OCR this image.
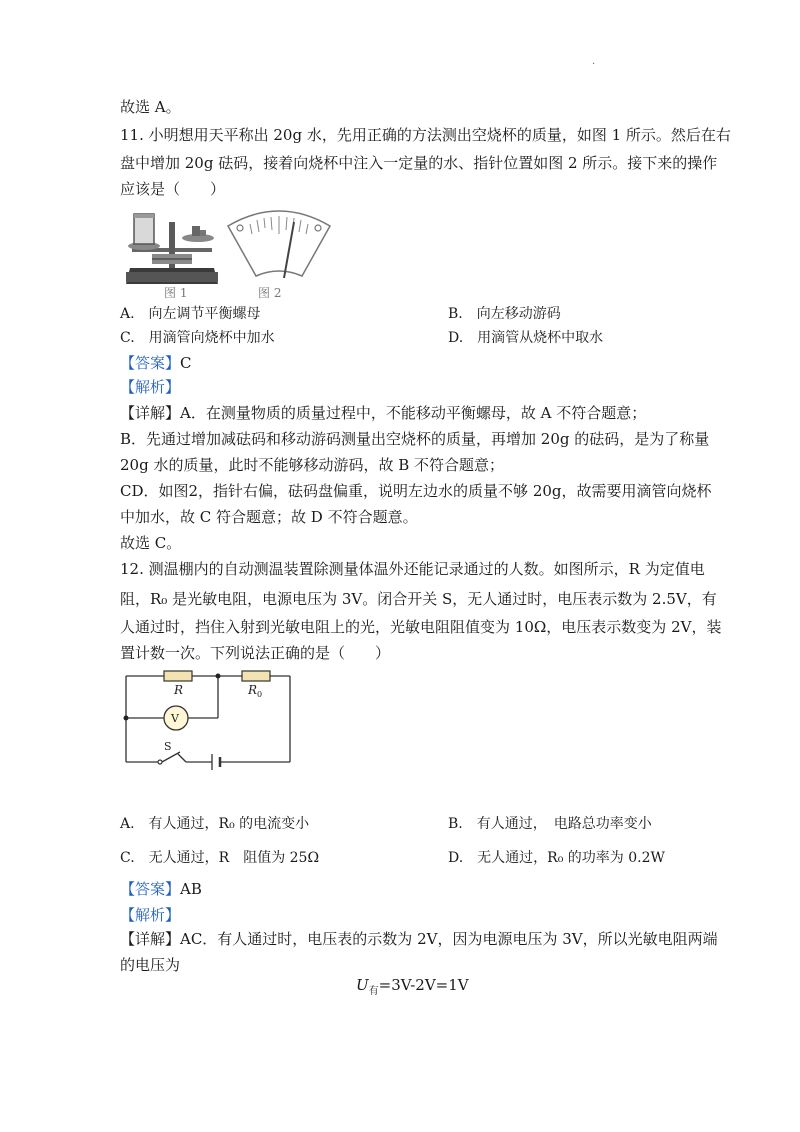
.
故选 A。
11. 小明想用天平称出 20g 水，先用正确的方法测出空烧杯的质量，如图 1 所示。然后在右
盘中增加 20g 砝码，接着向烧杯中注入一定量的水、指针位置如图 2 所示。接下来的操作
应该是（　　）
图 1	图 2
A.　向左调节平衡螺母	B.　向左移动游码
C.　用滴管向烧杯中加水	D.　用滴管从烧杯中取水
【答案】C
【解析】
【详解】A．在测量物质的质量过程中，不能移动平衡螺母，故 A 不符合题意；
B．先通过增加减砝码和移动游码测量出空烧杯的质量，再增加 20g 的砝码，是为了称量
20g 水的质量，此时不能够移动游码，故 B 不符合题意；
CD．如图2，指针右偏，砝码盘偏重，说明左边水的质量不够 20g，故需要用滴管向烧杯
中加水，故 C 符合题意；故 D 不符合题意。
故选 C。
12. 测温棚内的自动测温装置除测量体温外还能记录通过的人数。如图所示，R 为定值电
阻，R₀ 是光敏电阻，电源电压为 3V。闭合开关 S，无人通过时，电压表示数为 2.5V，有
人通过时，挡住入射到光敏电阻上的光，光敏电阻阻值变为 10Ω，电压表示数变为 2V，装
置计数一次。下列说法正确的是（　　）
R	R 0
V
S
A.　有人通过，R₀ 的电流变小	B.　有人通过，　电路总功率变小
C.　无人通过，R　阻值为 25Ω	D.　无人通过，R₀ 的功率为 0.2W
【答案】AB
【解析】
【详解】AC．有人通过时，电压表的示数为 2V，因为电源电压为 3V，所以光敏电阻两端
的电压为
$U_有=3V-2V=1V$
